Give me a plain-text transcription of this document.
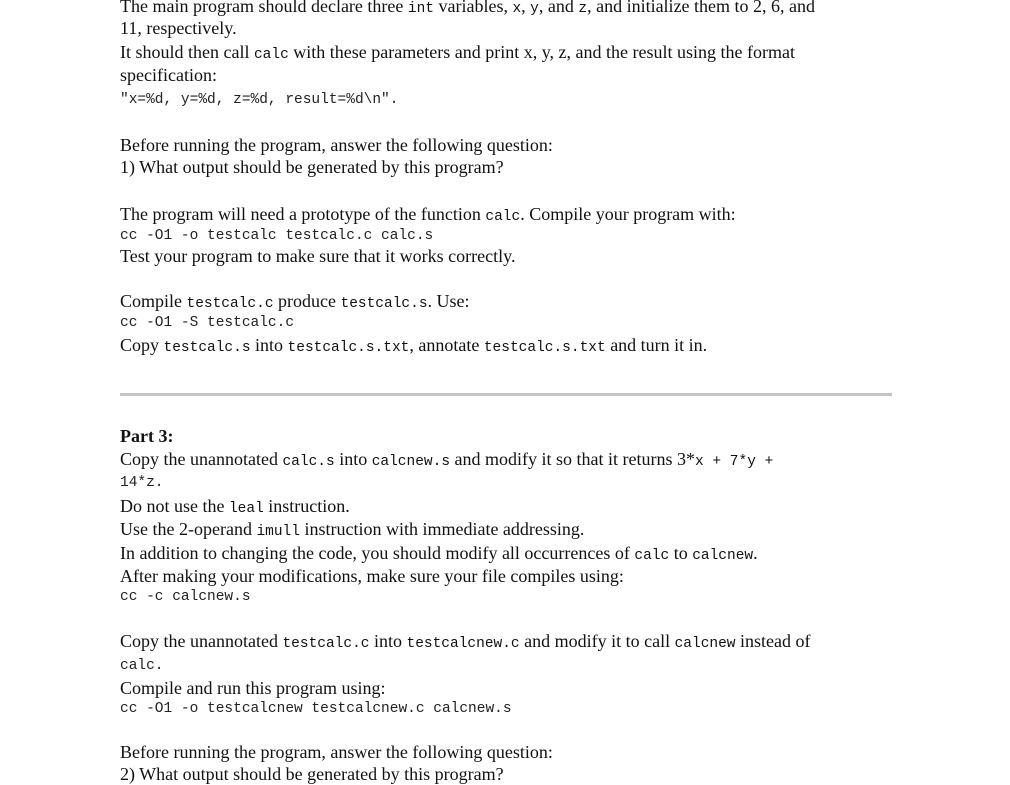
The main program should declare three int variables, x, y, and z, and initialize them to 2, 6, and
11, respectively.
It should then call calc with these parameters and print x, y, z, and the result using the format
specification:
"x=%d, y=%d, z=%d, result=%d\n".
Before running the program, answer the following question:
1) What output should be generated by this program?
The program will need a prototype of the function calc. Compile your program with:
cc -O1 -o testcalc testcalc.c calc.s
Test your program to make sure that it works correctly.
Compile testcalc.c produce testcalc.s. Use:
cc -O1 -S testcalc.c
Copy testcalc.s into testcalc.s.txt, annotate testcalc.s.txt and turn it in.
Part 3:
Copy the unannotated calc.s into calcnew.s and modify it so that it returns 3*x + 7*y +
14*z.
Do not use the leal instruction.
Use the 2-operand imull instruction with immediate addressing.
In addition to changing the code, you should modify all occurrences of calc to calcnew.
After making your modifications, make sure your file compiles using:
cc -c calcnew.s
Copy the unannotated testcalc.c into testcalcnew.c and modify it to call calcnew instead of
calc.
Compile and run this program using:
cc -O1 -o testcalcnew testcalcnew.c calcnew.s
Before running the program, answer the following question:
2) What output should be generated by this program?
